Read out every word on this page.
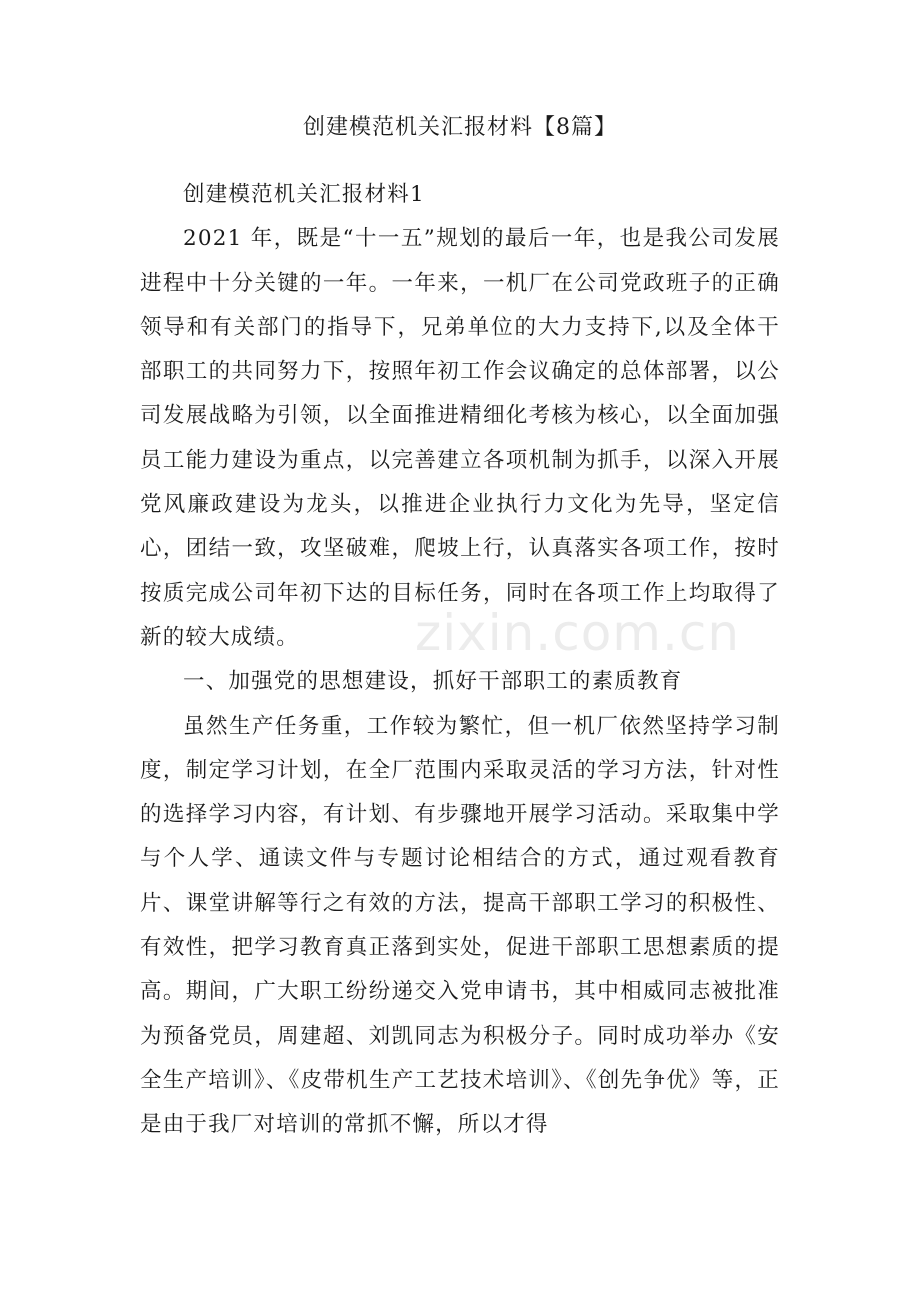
创建模范机关汇报材料【8篇】

创建模范机关汇报材料1

2021 年，既是“十一五”规划的最后一年，也是我公司发展进程中十分关键的一年。一年来，一机厂在公司党政班子的正确领导和有关部门的指导下，兄弟单位的大力支持下,以及全体干部职工的共同努力下，按照年初工作会议确定的总体部署，以公司发展战略为引领，以全面推进精细化考核为核心，以全面加强员工能力建设为重点，以完善建立各项机制为抓手，以深入开展党风廉政建设为龙头，以推进企业执行力文化为先导，坚定信心，团结一致，攻坚破难，爬坡上行，认真落实各项工作，按时按质完成公司年初下达的目标任务，同时在各项工作上均取得了新的较大成绩。

一、加强党的思想建设，抓好干部职工的素质教育

虽然生产任务重，工作较为繁忙，但一机厂依然坚持学习制度，制定学习计划，在全厂范围内采取灵活的学习方法，针对性的选择学习内容，有计划、有步骤地开展学习活动。采取集中学与个人学、通读文件与专题讨论相结合的方式，通过观看教育片、课堂讲解等行之有效的方法，提高干部职工学习的积极性、有效性，把学习教育真正落到实处，促进干部职工思想素质的提高。期间，广大职工纷纷递交入党申请书，其中相威同志被批准为预备党员，周建超、刘凯同志为积极分子。同时成功举办《安全生产培训》、《皮带机生产工艺技术培训》、《创先争优》等，正是由于我厂对培训的常抓不懈，所以才得

zixin.com.cn
